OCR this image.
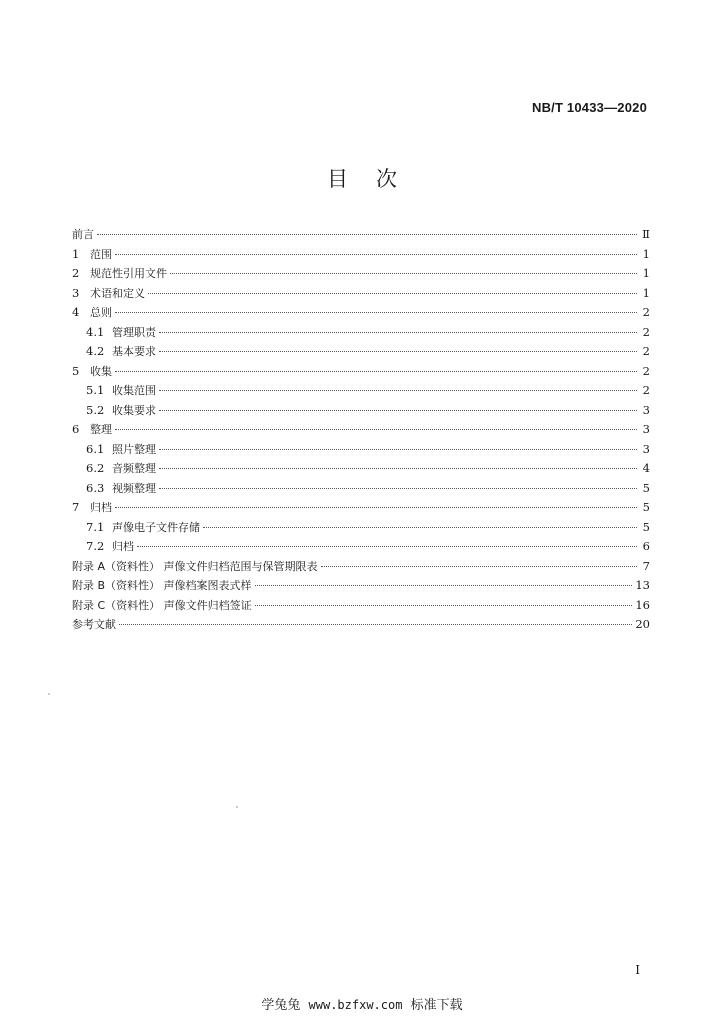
NB/T 10433—2020
目次
前言	Ⅱ
1 范围	1
2 规范性引用文件	1
3 术语和定义	1
4 总则	2
4.1 管理职责	2
4.2 基本要求	2
5 收集	2
5.1 收集范围	2
5.2 收集要求	3
6 整理	3
6.1 照片整理	3
6.2 音频整理	4
6.3 视频整理	5
7 归档	5
7.1 声像电子文件存储	5
7.2 归档	6
附录 A（资料性） 声像文件归档范围与保管期限表	7
附录 B（资料性） 声像档案图表式样	13
附录 C（资料性） 声像文件归档签证	16
参考文献	20
I
学兔兔 www.bzfxw.com 标准下载
